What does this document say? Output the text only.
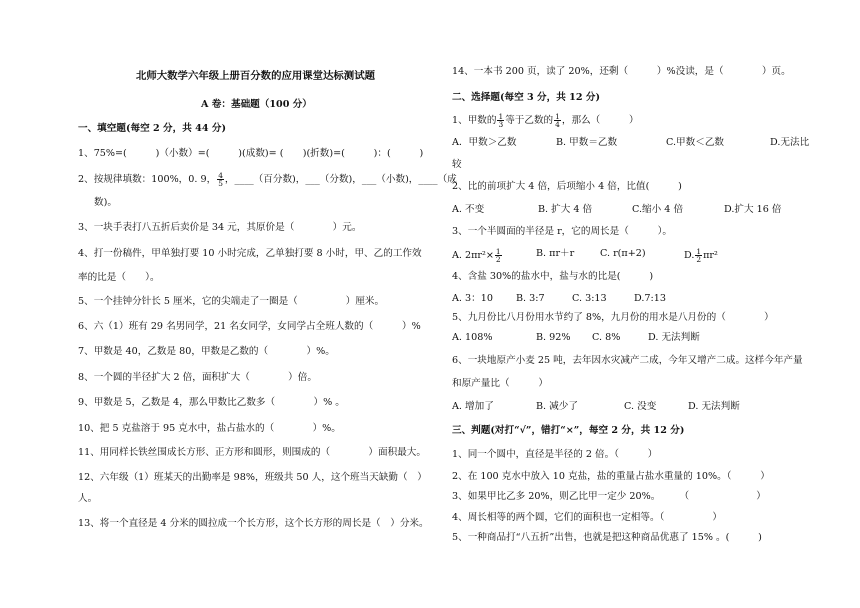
北师大数学六年级上册百分数的应用课堂达标测试题
A 卷：基础题（100 分）
一、填空题(每空 2 分，共 44 分)
1、75%=(　　　)（小数）=(　　　)(成数)= (　　)(折数)=(　　　)：(　　　)
2、按规律填数：100%，0. 9， $\frac{4}{5}$ ，____（百分数)，___（分数)，___（小数)，____（成
数)。
3、一块手表打八五折后卖价是 34 元，其原价是（　　　　）元。
4、打一份稿件，甲单独打要 10 小时完成，乙单独打要 8 小时，甲、乙的工作效
率的比是（　　）。
5、一个挂钟分针长 5 厘米，它的尖端走了一圈是（　　　　　）厘米。
6、六（1）班有 29 名男同学，21 名女同学，女同学占全班人数的（　　　）%
7、甲数是 40，乙数是 80，甲数是乙数的（　　　　）%。
8、一个圆的半径扩大 2 倍，面积扩大（　　　　）倍。
9、甲数是 5，乙数是 4，那么甲数比乙数多（　　　　）% 。
10、把 5 克盐溶于 95 克水中，盐占盐水的（　　　　）%。
11、用同样长铁丝围成长方形、正方形和圆形，则围成的（　　　　）面积最大。
12、六年级（1）班某天的出勤率是 98%，班级共 50 人，这个班当天缺勤（　）
人。
13、将一个直径是 4 分米的圆拉成一个长方形，这个长方形的周长是（　）分米。
14、一本书 200 页，读了 20%，还剩（　　　）%没读，是（　　　　）页。
二、选择题(每空 3 分，共 12 分)
1、甲数的 $\frac{1}{3}$ 等于乙数的 $\frac{1}{4}$ ，那么（　　　）
A．甲数＞乙数	B. 甲数＝乙数	C.甲数＜乙数	D.无法比
较
2、比的前项扩大 4 倍，后项缩小 4 倍，比值(　　　)
A. 不变	B. 扩大 4 倍	C.缩小 4 倍	D.扩大 16 倍
3、一个半圆面的半径是 r，它的周长是（　　　）。
A. $2\pi r^2\times \frac{1}{2}$	B. πr＋r	C. r(π+2)	D. $\frac{1}{2} \pi r^2$
4、含盐 30%的盐水中，盐与水的比是(　　　)
A. 3：10 B. 3:7	C. 3:13	D.7:13
5、九月份比八月份用水节约了 8%，九月份的用水是八月份的（　　　　）
A. 108%	B. 92% C. 8%	D. 无法判断
6、一块地原产小麦 25 吨，去年因水灾减产二成，今年又增产二成。这样今年产量
和原产量比（　　　）
A. 增加了	B. 减少了	C. 没变	D. 无法判断
三、判题(对打“√”，错打“×”，每空 2 分，共 12 分)
1、同一个圆中，直径是半径的 2 倍。（　　　）
2、在 100 克水中放入 10 克盐，盐的重量占盐水重量的 10%。（　　　）
3、如果甲比乙多 20%，则乙比甲一定少 20%。　　　（　　　　　　　）
4、周长相等的两个圆，它们的面积也一定相等。（　　　　　）
5、一种商品打“八五折”出售，也就是把这种商品优惠了 15% 。(　　　)
